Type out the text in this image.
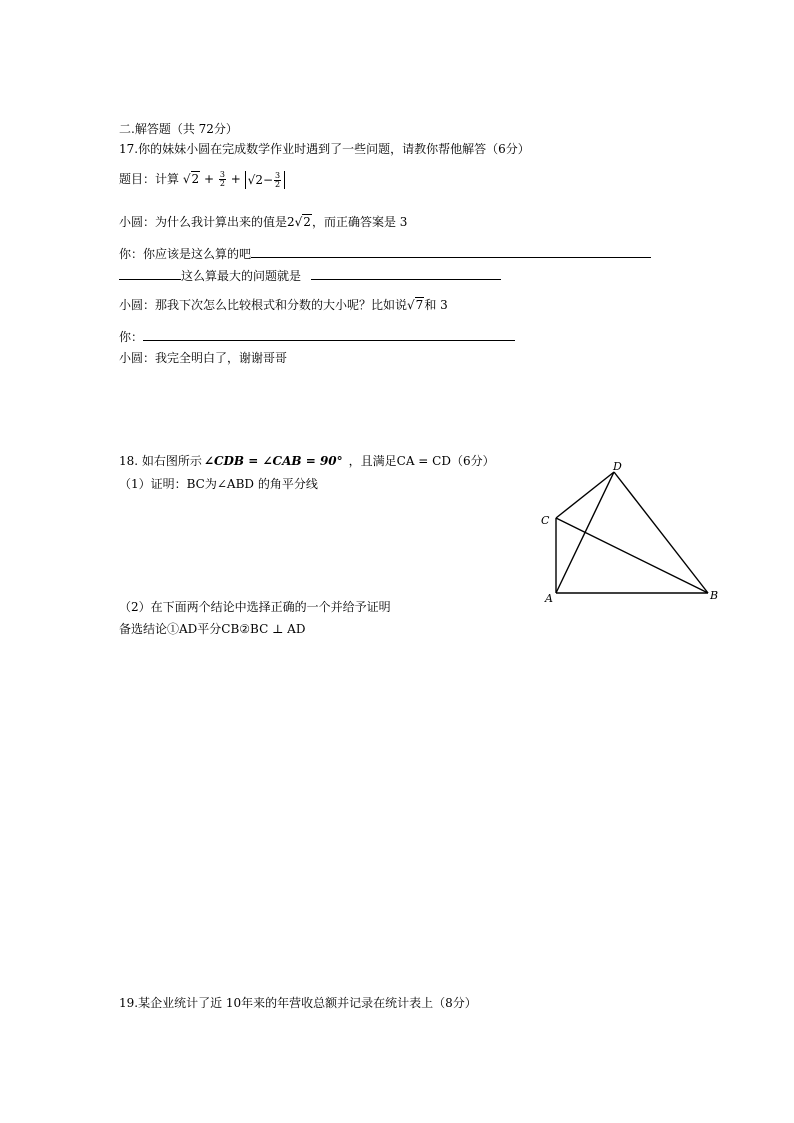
二.解答题（共 72分）
17.你的妹妹小圆在完成数学作业时遇到了一些问题，请教你帮他解答（6分）
题目：计算 $√2 + \frac{3}{2} + √2- \frac{3}{2}$
小圆：为什么我计算出来的值是2√2，而正确答案是 3
你：你应该是这么算的吧
这么算最大的问题就是
小圆：那我下次怎么比较根式和分数的大小呢？比如说√7和 3
你：
小圆：我完全明白了，谢谢哥哥
18. 如右图所示 ∠CDB = ∠CAB = 90° ，且满足CA = CD（6分）
（1）证明：BC为∠ABD 的角平分线
D
C
A	B
（2）在下面两个结论中选择正确的一个并给予证明
备选结论①AD平分CB②BC ⊥ AD
19.某企业统计了近 10年来的年营收总额并记录在统计表上（8分）
